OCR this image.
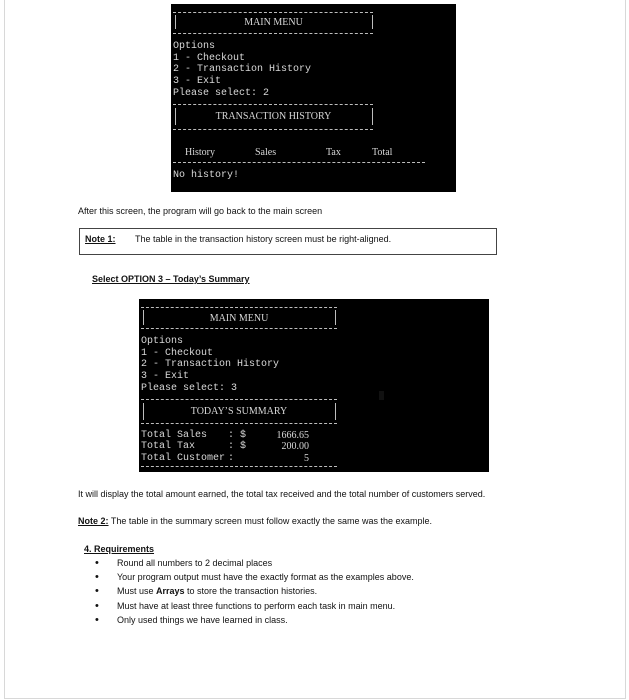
MAIN MENU
Options
1 - Checkout
2 - Transaction History
3 - Exit
Please select: 2
TRANSACTION HISTORY
History	Sales	Tax	Total
No history!
After this screen, the program will go back to the main screen
Note 1: The table in the transaction history screen must be right-aligned.
Select OPTION 3 – Today’s Summary
MAIN MENU
Options
1 - Checkout
2 - Transaction History
3 - Exit
Please select: 3
TODAY’S SUMMARY
Total Sales : $	1666.65
Total Tax	: $	200.00
Total Customer :	5
It will display the total amount earned, the total tax received and the total number of customers served.
Note 2: The table in the summary screen must follow exactly the same was the example.
4. Requirements
• Round all numbers to 2 decimal places
• Your program output must have the exactly format as the examples above.
• Must use Arrays to store the transaction histories.
• Must have at least three functions to perform each task in main menu.
• Only used things we have learned in class.
